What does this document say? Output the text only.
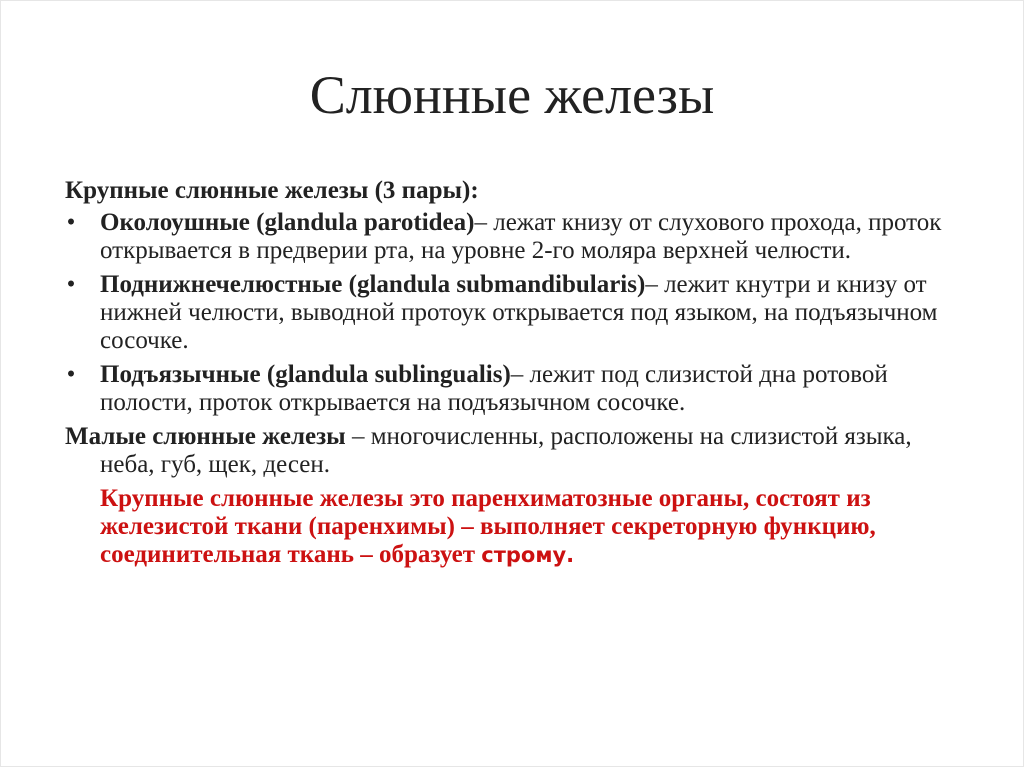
Слюнные железы

Крупные слюнные железы (3 пары):

• Околоушные (glandula parotidea)– лежат книзу от слухового прохода, проток открывается в предверии рта, на уровне 2-го моляра верхней челюсти.
• Поднижнечелюстные (glandula submandibularis)– лежит кнутри и книзу от нижней челюсти, выводной протоук открывается под языком, на подъязычном сосочке.
• Подъязычные (glandula sublingualis)– лежит под слизистой дна ротовой полости, проток открывается на подъязычном сосочке.

Малые слюнные железы – многочисленны, расположены на слизистой языка, неба, губ, щек, десен.

Крупные слюнные железы это паренхиматозные органы, состоят из железистой ткани (паренхимы) – выполняет секреторную функцию, соединительная ткань – образует строму.
